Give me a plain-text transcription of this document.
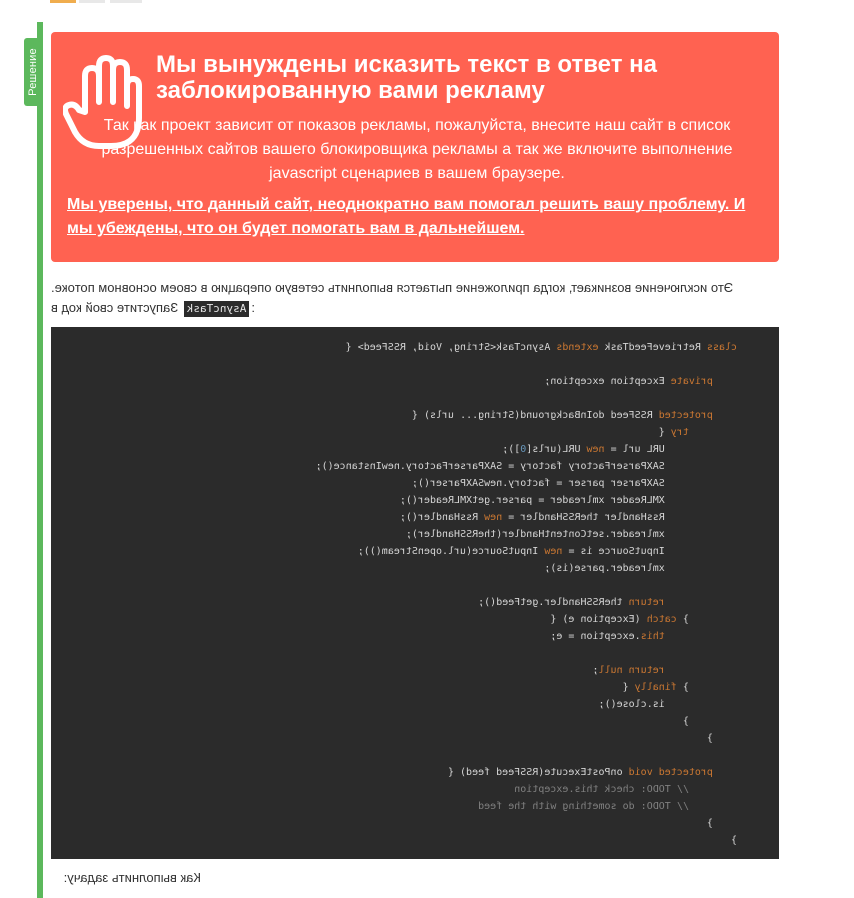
Решение	Мы вынуждены исказить текст в ответ на заблокированную вами рекламу
Так как проект зависит от показов рекламы, пожалуйста, внесите наш сайт в список разрешенных сайтов вашего блокировщика рекламы а так же включите выполнение javascript сценариев в вашем браузере.
Мы уверены, что данный сайт, неоднократно вам помогал решить вашу проблему. И мы убеждены, что он будет помогать вам в дальнейшем.
Это исключение возникает, когда приложение пытается выполнить сетевую операцию в своем основном потоке. Запустите свой код в AsyncTask :
class RetrieveFeedTask extends AsyncTask<String, Void, RSSFeed> {

private Exception exception;

protected RSSFeed doInBackground(String... urls) {
try {
URL url = new URL(urls[0]);
SAXParserFactory factory = SAXParserFactory.newInstance();
SAXParser parser = factory.newSAXParser();
XMLReader xmlreader = parser.getXMLReader();
RssHandler theRSSHandler = new RssHandler();
xmlreader.setContentHandler(theRSSHandler);
InputSource is = new InputSource(url.openStream());
xmlreader.parse(is);

return theRSSHandler.getFeed();
} catch (Exception e) {
this.exception = e;

return null;
} finally {
is.close();
}
}

protected void onPostExecute(RSSFeed feed) {
// TODO: check this.exception
// TODO: do something with the feed
}
}
Как выполнить задачу:
